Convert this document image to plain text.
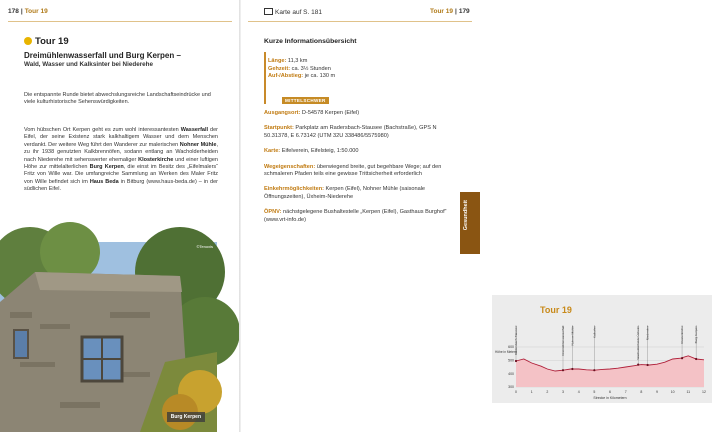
178 | Tour 19
Tour 19
Dreimühlenwasserfall und Burg Kerpen –
Wald, Wasser und Kalksinter bei Niederehe
Die entspannte Runde bietet abwechslungsreiche Landschaftseindrücke und viele kulturhistorische Sehenswürdigkeiten.
Vom hübschen Ort Kerpen geht es zum wohl interessantesten Wasserfall der Eifel, der seine Existenz stark kalkhaltigem Wasser und dem Menschen verdankt. Der weitere Weg führt den Wanderer zur malerischen Nohner Mühle, zu ihr 1938 genutzten Kalkbrennöfen, sodann entlang an Wacholderheiden nach Niederehe mit sehenswerter ehemaliger Klosterkirche und einer luftigen Höhe zur mittelalterlichen Burg Kerpen, die einst im Besitz des „Eifelmalers“ Fritz von Wille war. Die umfangreiche Sammlung an Werken des Maler Fritz von Wille befindet sich im Haus Beda in Bitburg (www.haus-beda.de) – in der südlichen Eifel.
©Tenoxis
Burg Kerpen
Karte auf S. 181	Tour 19 | 179
Kurze Informationsübersicht
Länge: 11,3 km
Gehzeit: ca. 3½ Stunden
Auf-/Abstieg: je ca. 130 m
MITTELSCHWER
Ausgangsort: D-54578 Kerpen (Eifel)
Startpunkt: Parkplatz am Radersbach-Stausee (Bachstraße), GPS N 50.31378, E 6.73142 (UTM 32U 338486/5575980)
Karte: Eifelverein, Eifelsteig, 1:50.000
Wegeigenschaften: überwiegend breite, gut begehbare Wege; auf den schmaleren Pfaden teils eine gewisse Trittsicherheit erforderlich
Einkehrmöglichkeiten: Kerpen (Eifel), Nohner Mühle (saisonale Öffnungszeiten), Üxheim-Niederehe
ÖPNV: nächstgelegene Bushaltestelle „Kerpen (Eifel), Gasthaus Burghof“ (www.vrt-info.de)
Tour 19
Höhe in Metern
600
500
400
300
0	1	2	3	4	5	6	7	8	9	10	11	12
Strecke in Kilometern
Radersbach-Stausee	Dreimühlenwasserfall Nohner Mühle	Kalkofen	Wacholderheide Üxheim Niederehe	Klosterkirche	Burg Kerpen
Gesundheit
